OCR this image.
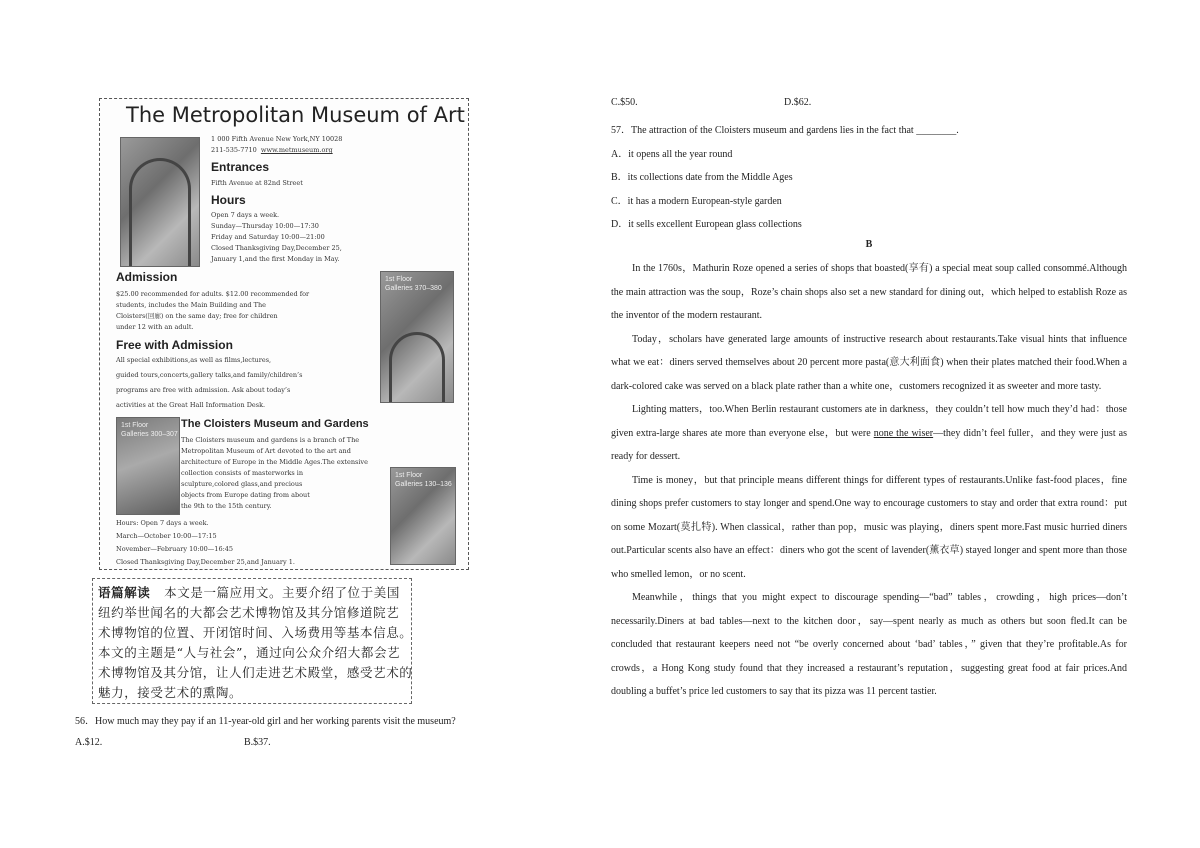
The Metropolitan Museum of Art
1 000 Fifth Avenue New York,NY 10028
211-535-7710 www.metmuseum.org
Entrances
Fifth Avenue at 82nd Street
Hours
Open 7 days a week.
Sunday—Thursday 10:00—17:30
Friday and Saturday 10:00—21:00
Closed Thanksgiving Day,December 25,
January 1,and the first Monday in May.
Admission
$25.00 recommended for adults. $12.00 recommended for
students, includes the Main Building and The
Cloisters(回廊) on the same day; free for children
under 12 with an adult.
1st Floor
Galleries 370–380
Free with Admission
All special exhibitions,as well as films,lectures,
guided tours,concerts,gallery talks,and family/children’s
programs are free with admission. Ask about today’s
activities at the Great Hall Information Desk.
1st Floor
Galleries 300–307
The Cloisters Museum and Gardens
The Cloisters museum and gardens is a branch of The
Metropolitan Museum of Art devoted to the art and
architecture of Europe in the Middle Ages.The extensive
collection consists of masterworks in
sculpture,colored glass,and precious
objects from Europe dating from about
the 9th to the 15th century.
1st Floor
Galleries 130–136
Hours: Open 7 days a week.
March—October 10:00—17:15
November—February 10:00—16:45
Closed Thanksgiving Day,December 25,and January 1.
语篇解读 本文是一篇应用文。主要介绍了位于美国
纽约举世闻名的大都会艺术博物馆及其分馆修道院艺
术博物馆的位置、开闭馆时间、入场费用等基本信息。
本文的主题是“人与社会”，通过向公众介绍大都会艺
术博物馆及其分馆，让人们走进艺术殿堂，感受艺术的
魅力，接受艺术的熏陶。
56．How much may they pay if an 11-year-old girl and her working parents visit the museum?
A.$12.	B.$37.
C.$50.	D.$62.
57．The attraction of the Cloisters museum and gardens lies in the fact that ________.
A．it opens all the year round
B．its collections date from the Middle Ages
C．it has a modern European-style garden
D．it sells excellent European glass collections
B

In the 1760s，Mathurin Roze opened a series of shops that boasted(享有) a special meat soup called consommé.Although the main attraction was the soup，Roze’s chain shops also set a new standard for dining out，which helped to establish Roze as the inventor of the modern restaurant.

Today，scholars have generated large amounts of instructive research about restaurants.Take visual hints that influence what we eat：diners served themselves about 20 percent more pasta(意大利面食) when their plates matched their food.When a dark-colored cake was served on a black plate rather than a white one，customers recognized it as sweeter and more tasty.

Lighting matters，too.When Berlin restaurant customers ate in darkness，they couldn’t tell how much they’d had：those given extra-large shares ate more than everyone else，but were none the wiser—they didn’t feel fuller，and they were just as ready for dessert.

Time is money，but that principle means different things for different types of restaurants.Unlike fast-food places，fine dining shops prefer customers to stay longer and spend.One way to encourage customers to stay and order that extra round：put on some Mozart(莫扎特). When classical，rather than pop，music was playing，diners spent more.Fast music hurried diners out.Particular scents also have an effect：diners who got the scent of lavender(薰衣草) stayed longer and spent more than those who smelled lemon，or no scent.

Meanwhile，things that you might expect to discourage spending—“bad” tables，crowding，high prices—don’t necessarily.Diners at bad tables—next to the kitchen door，say—spent nearly as much as others but soon fled.It can be concluded that restaurant keepers need not “be overly concerned about ‘bad’ tables，” given that they’re profitable.As for crowds，a Hong Kong study found that they increased a restaurant’s reputation，suggesting great food at fair prices.And doubling a buffet’s price led customers to say that its pizza was 11 percent tastier.
